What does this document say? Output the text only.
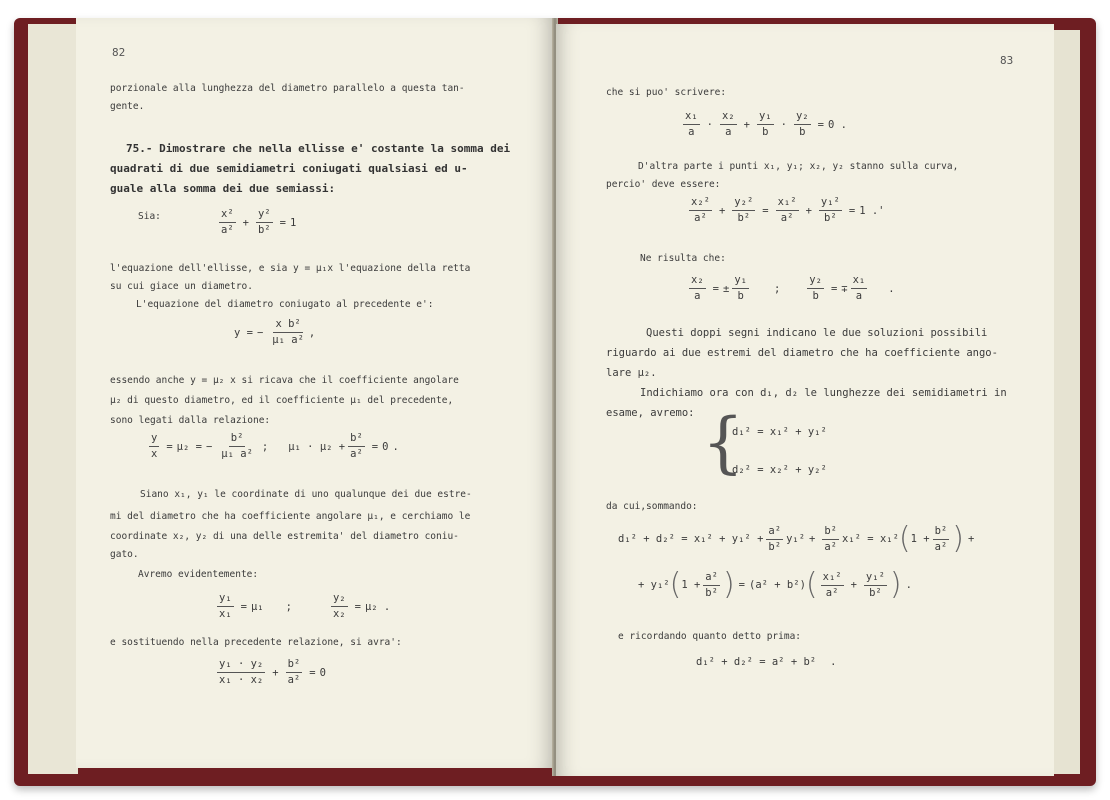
82
porzionale alla lunghezza del diametro parallelo a questa tan-
gente.
75.- Dimostrare che nella ellisse e' costante la somma dei
quadrati di due semidiametri coniugati qualsiasi ed u-
guale alla somma dei due semiassi:
Sia:	$\frac{\text{x²}}{\text{a²}} + \frac{\text{y²}}{\text{b²}} = 1$
l'equazione dell'ellisse, e sia y = μ₁x l'equazione della retta
su cui giace un diametro.
L'equazione del diametro coniugato al precedente e':
y = − $\frac{\text{x b²}}{\text{μ₁ a²}}$ ,
essendo anche y = μ₂ x si ricava che il coefficiente angolare
μ₂ di questo diametro, ed il coefficiente μ₁ del precedente,
sono legati dalla relazione:
$\frac{y}{x} = \mu_2$ = − $\frac{\text{b²}}{\text{μ₁ a²}}$ ; $\mu_1 \cdot \mu_2 + \frac{\text{b²}}{\text{a²}} = 0$ .
Siano x₁, y₁ le coordinate di uno qualunque dei due estre-
mi del diametro che ha coefficiente angolare μ₁, e cerchiamo le
coordinate x₂, y₂ di una delle estremita' del diametro coniu-
gato.
Avremo evidentemente:
$\frac{\text{y₁}}{\text{x₁}} = \mu_1$ ;	$\frac{\text{y₂}}{\text{x₂}} = \mu_2$ .
e sostituendo nella precedente relazione, si avra':
$\frac{\text{y₁ · y₂}}{\text{x₁ · x₂}} + \frac{\text{b²}}{\text{a²}} = 0$
83
che si puo' scrivere:
$\frac{\text{x₁}}{a} \cdot \frac{\text{x₂}}{a} + \frac{\text{y₁}}{b} \cdot \frac{\text{y₂}}{b} = 0$ .
D'altra parte i punti x₁, y₁; x₂, y₂ stanno sulla curva,
percio' deve essere:
$\frac{\text{x₂²}}{\text{a²}} + \frac{\text{y₂²}}{\text{b²}} = \frac{\text{x₁²}}{\text{a²}} + \frac{\text{y₁²}}{\text{b²}} = 1$ .'
Ne risulta che:
$\frac{\text{x₂}}{a}$ = ± $\frac{\text{y₁}}{b}$ ;	$\frac{\text{y₂}}{b}$ = ∓ $\frac{\text{x₁}}{a}$ .
Questi doppi segni indicano le due soluzioni possibili
riguardo ai due estremi del diametro che ha coefficiente ango-
lare μ₂.
Indichiamo ora con d₁, d₂ le lunghezze dei semidiametri in
esame, avremo: {
d₁² = x₁² + y₁²
d₂² = x₂² + y₂²
da cui,sommando:
$d_1^2 + d_2^2 = x_1^2 + y_1^2 + \frac{\text{a²}}{\text{b²}} y_1^2 + \frac{\text{b²}}{\text{a²}} x_1^2 = x_1^2$ ( $1 + \frac{\text{b²}}{\text{a²}}$ ) +
+ y₁² ( $1 + \frac{\text{a²}}{\text{b²}}$ ) = (a² + b²) ( $\frac{\text{x₁²}}{\text{a²}} + \frac{\text{y₁²}}{\text{b²}}$ ) .
e ricordando quanto detto prima:
d₁² + d₂² = a² + b² .
